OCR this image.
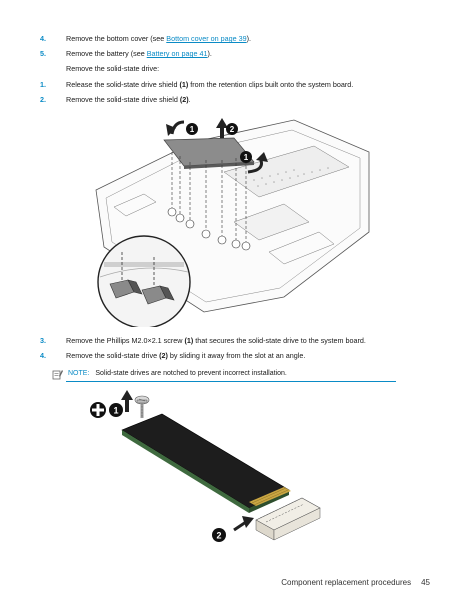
4.	Remove the bottom cover (see Bottom cover on page 39).
5.	Remove the battery (see Battery on page 41).
Remove the solid-state drive:
1.	Release the solid-state drive shield (1) from the retention clips built onto the system board.
2.	Remove the solid-state drive shield (2).
1	2
1
3.	Remove the Phillips M2.0×2.1 screw (1) that secures the solid-state drive to the system board.
4.	Remove the solid-state drive (2) by sliding it away from the slot at an angle.
NOTE: Solid-state drives are notched to prevent incorrect installation.
1
2
Component replacement procedures 45
